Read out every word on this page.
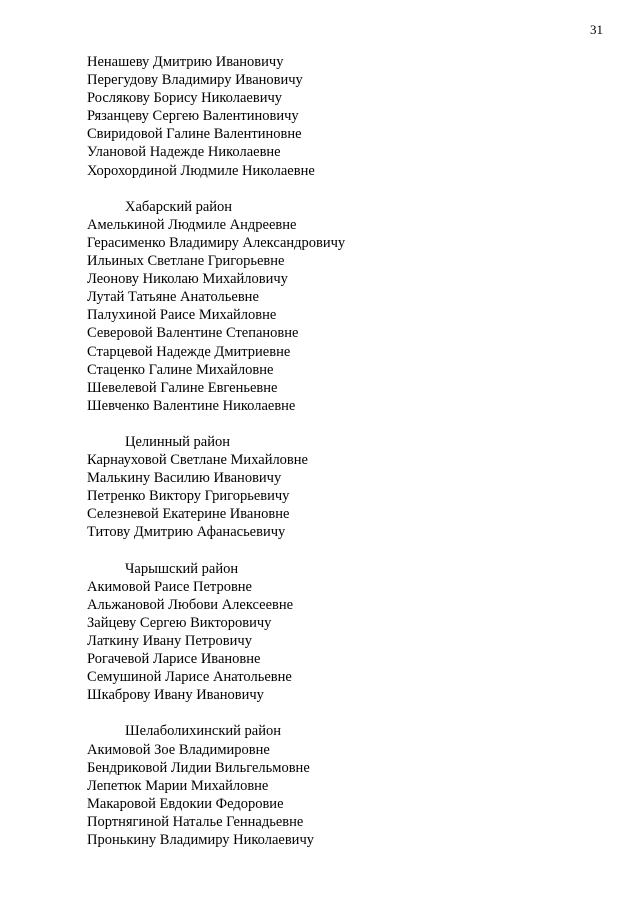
31
Ненашеву Дмитрию Ивановичу
Перегудову Владимиру Ивановичу
Рослякову Борису Николаевичу
Рязанцеву Сергею Валентиновичу
Свиридовой Галине Валентиновне
Улановой Надежде Николаевне
Хорохординой Людмиле Николаевне
Хабарский район
Амелькиной Людмиле Андреевне
Герасименко Владимиру Александровичу
Ильиных Светлане Григорьевне
Леонову Николаю Михайловичу
Лутай Татьяне Анатольевне
Палухиной Раисе Михайловне
Северовой Валентине Степановне
Старцевой Надежде Дмитриевне
Стаценко Галине Михайловне
Шевелевой Галине Евгеньевне
Шевченко Валентине Николаевне
Целинный район
Карнауховой Светлане Михайловне
Малькину Василию Ивановичу
Петренко Виктору Григорьевичу
Селезневой Екатерине Ивановне
Титову Дмитрию Афанасьевичу
Чарышский район
Акимовой Раисе Петровне
Альжановой Любови Алексеевне
Зайцеву Сергею Викторовичу
Латкину Ивану Петровичу
Рогачевой Ларисе Ивановне
Семушиной Ларисе Анатольевне
Шкаброву Ивану Ивановичу
Шелаболихинский район
Акимовой Зое Владимировне
Бендриковой Лидии Вильгельмовне
Лепетюк Марии Михайловне
Макаровой Евдокии Федоровие
Портнягиной Наталье Геннадьевне
Пронькину Владимиру Николаевичу
